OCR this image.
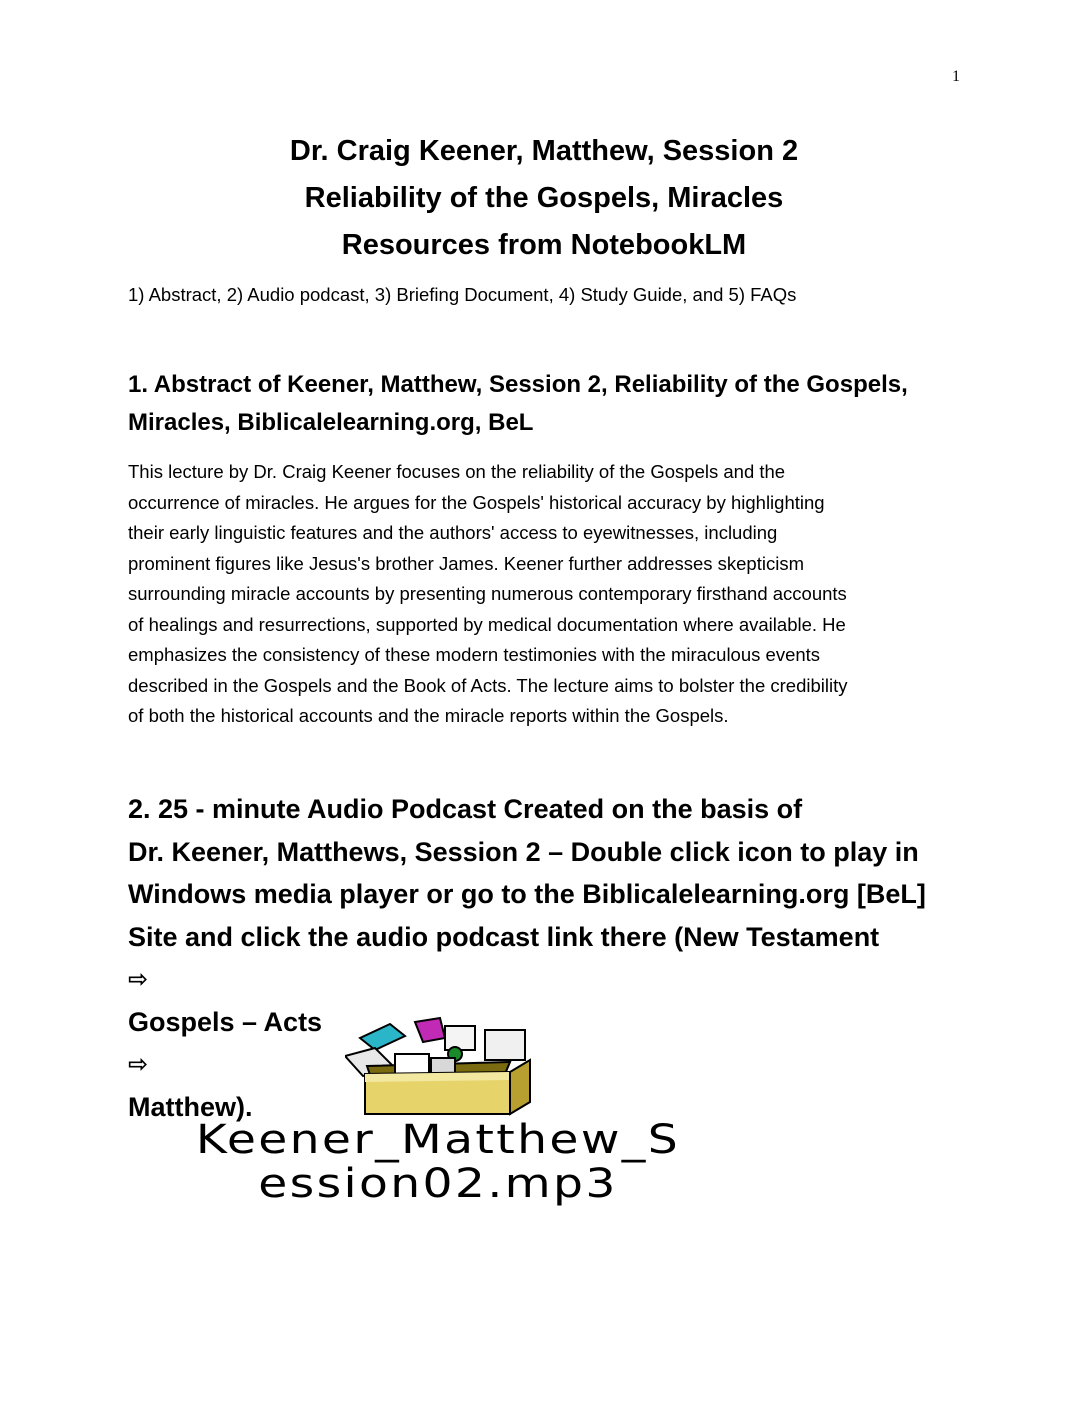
1
Dr. Craig Keener, Matthew, Session 2
Reliability of the Gospels, Miracles
Resources from NotebookLM
1) Abstract, 2) Audio podcast, 3) Briefing Document, 4) Study Guide, and 5) FAQs
1. Abstract of Keener, Matthew, Session 2, Reliability of the Gospels, Miracles, Biblicalelearning.org, BeL
This lecture by Dr. Craig Keener focuses on the reliability of the Gospels and the
occurrence of miracles. He argues for the Gospels' historical accuracy by highlighting
their early linguistic features and the authors' access to eyewitnesses, including
prominent figures like Jesus's brother James. Keener further addresses skepticism
surrounding miracle accounts by presenting numerous contemporary firsthand accounts
of healings and resurrections, supported by medical documentation where available. He
emphasizes the consistency of these modern testimonies with the miraculous events
described in the Gospels and the Book of Acts. The lecture aims to bolster the credibility
of both the historical accounts and the miracle reports within the Gospels.
2. 25 - minute Audio Podcast Created on the basis of
Dr. Keener, Matthews, Session 2 – Double click icon to play in
Windows media player or go to the Biblicalelearning.org [BeL]
Site and click the audio podcast link there (New Testament
⇨
Gospels – Acts
⇨
Matthew).
Keener_Matthew_S
ession02.mp3
